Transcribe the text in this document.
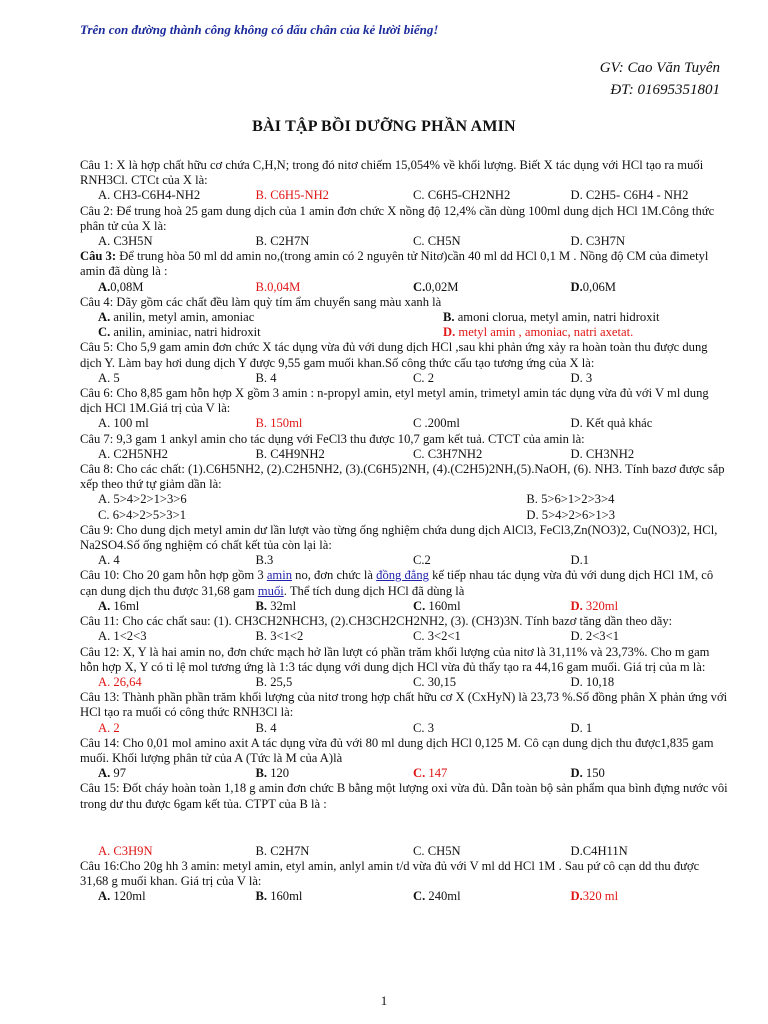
Trên con đường thành công không có dấu chân của kẻ lười biếng!
GV: Cao Văn Tuyên
ĐT: 01695351801
BÀI TẬP BỒI DƯỠNG PHẦN AMIN

Câu 1: X là hợp chất hữu cơ chứa C,H,N; trong đó nitơ chiếm 15,054% về khối lượng. Biết X tác dụng với HCl tạo ra muối RNH3Cl. CTCt của X là:

A. CH3-C6H4-NH2	B. C6H5-NH2	C. C6H5-CH2NH2	D. C2H5- C6H4 - NH2

Câu 2: Để trung hoà 25 gam dung dịch của 1 amin đơn chức X nồng độ 12,4% cần dùng 100ml dung dịch HCl 1M.Công thức phân tử của X là:

A. C3H5N	B. C2H7N	C. CH5N	D. C3H7N

Câu 3: Để trung hòa 50 ml dd amin no,(trong amin có 2 nguyên tử Nitơ)cần 40 ml dd HCl 0,1 M . Nồng độ CM của đimetyl amin đã dùng là :

A.0,08M	B.0,04M	C.0,02M	D.0,06M

Câu 4: Dãy gồm các chất đều làm quỳ tím ẩm chuyển sang màu xanh là

A. anilin, metyl amin, amoniac	B. amoni clorua, metyl amin, natri hidroxit
C. anilin, aminiac, natri hidroxit	D. metyl amin , amoniac, natri axetat.

Câu 5: Cho 5,9 gam amin đơn chức X tác dụng vừa đủ với dung dịch HCl ,sau khi phản ứng xảy ra hoàn toàn thu được dung dịch Y. Làm bay hơi dung dịch Y được 9,55 gam muối khan.Số công thức cấu tạo tương ứng của X là:

A. 5	B. 4	C. 2	D. 3

Câu 6: Cho 8,85 gam hỗn hợp X gồm 3 amin : n-propyl amin, etyl metyl amin, trimetyl amin tác dụng vừa đủ với V ml dung dịch HCl 1M.Giá trị của V là:

A. 100 ml	B. 150ml	C .200ml	D. Kết quả khác

Câu 7: 9,3 gam 1 ankyl amin cho tác dụng với FeCl3 thu được 10,7 gam kết tuả. CTCT của amin là:

A. C2H5NH2	B. C4H9NH2	C. C3H7NH2	D. CH3NH2

Câu 8: Cho các chất: (1).C6H5NH2, (2).C2H5NH2, (3).(C6H5)2NH, (4).(C2H5)2NH,(5).NaOH, (6). NH3. Tính bazơ được sắp xếp theo thứ tự giảm dần là:

A. 5>4>2>1>3>6	B. 5>6>1>2>3>4
C. 6>4>2>5>3>1	D. 5>4>2>6>1>3

Câu 9: Cho dung dịch metyl amin dư lần lượt vào từng ống nghiệm chứa dung dịch AlCl3, FeCl3,Zn(NO3)2, Cu(NO3)2, HCl, Na2SO4.Số ống nghiệm có chất kết tủa còn lại là:

A. 4	B.3	C.2	D.1

Câu 10: Cho 20 gam hỗn hợp gồm 3 amin no, đơn chức là đồng đẳng kế tiếp nhau tác dụng vừa đủ với dung dịch HCl 1M, cô cạn dung dịch thu được 31,68 gam muối. Thể tích dung dịch HCl đã dùng là

A. 16ml	B. 32ml	C. 160ml	D. 320ml

Câu 11: Cho các chất sau: (1). CH3CH2NHCH3, (2).CH3CH2CH2NH2, (3). (CH3)3N. Tính bazơ tăng dần theo dãy:

A. 1<2<3	B. 3<1<2	C. 3<2<1	D. 2<3<1

Câu 12: X, Y là hai amin no, đơn chức mạch hở lần lượt có phần trăm khối lượng của nitơ là 31,11% và 23,73%. Cho m gam hỗn hợp X, Y có tỉ lệ mol tương ứng là 1:3 tác dụng với dung dịch HCl vừa đủ thấy tạo ra 44,16 gam muối. Giá trị của m là:

A. 26,64	B. 25,5	C. 30,15	D. 10,18

Câu 13: Thành phần phần trăm khối lượng của nitơ trong hợp chất hữu cơ X (CxHyN) là 23,73 %.Số đồng phân X phản ứng với HCl tạo ra muối có công thức RNH3Cl là:

A. 2	B. 4	C. 3	D. 1

Câu 14: Cho 0,01 mol amino axit A tác dụng vừa đủ với 80 ml dung dịch HCl 0,125 M. Cô cạn dung dịch thu được1,835 gam muối. Khối lượng phân tử của A (Tức là M của A)là

A. 97	B. 120	C. 147	D. 150

Câu 15: Đốt cháy hoàn toàn 1,18 g amin đơn chức B bằng một lượng oxi vừa đủ. Dẫn toàn bộ sản phẩm qua bình đựng nước vôi trong dư thu được 6gam kết tủa. CTPT của B là :

A. C3H9N	B. C2H7N	C. CH5N	D.C4H11N

Câu 16:Cho 20g hh 3 amin: metyl amin, etyl amin, anlyl amin t/d vừa đủ với V ml dd HCl 1M . Sau pứ cô cạn dd thu được 31,68 g muối khan. Giá trị của V là:

A. 120ml	B. 160ml	C. 240ml	D.320 ml
1
